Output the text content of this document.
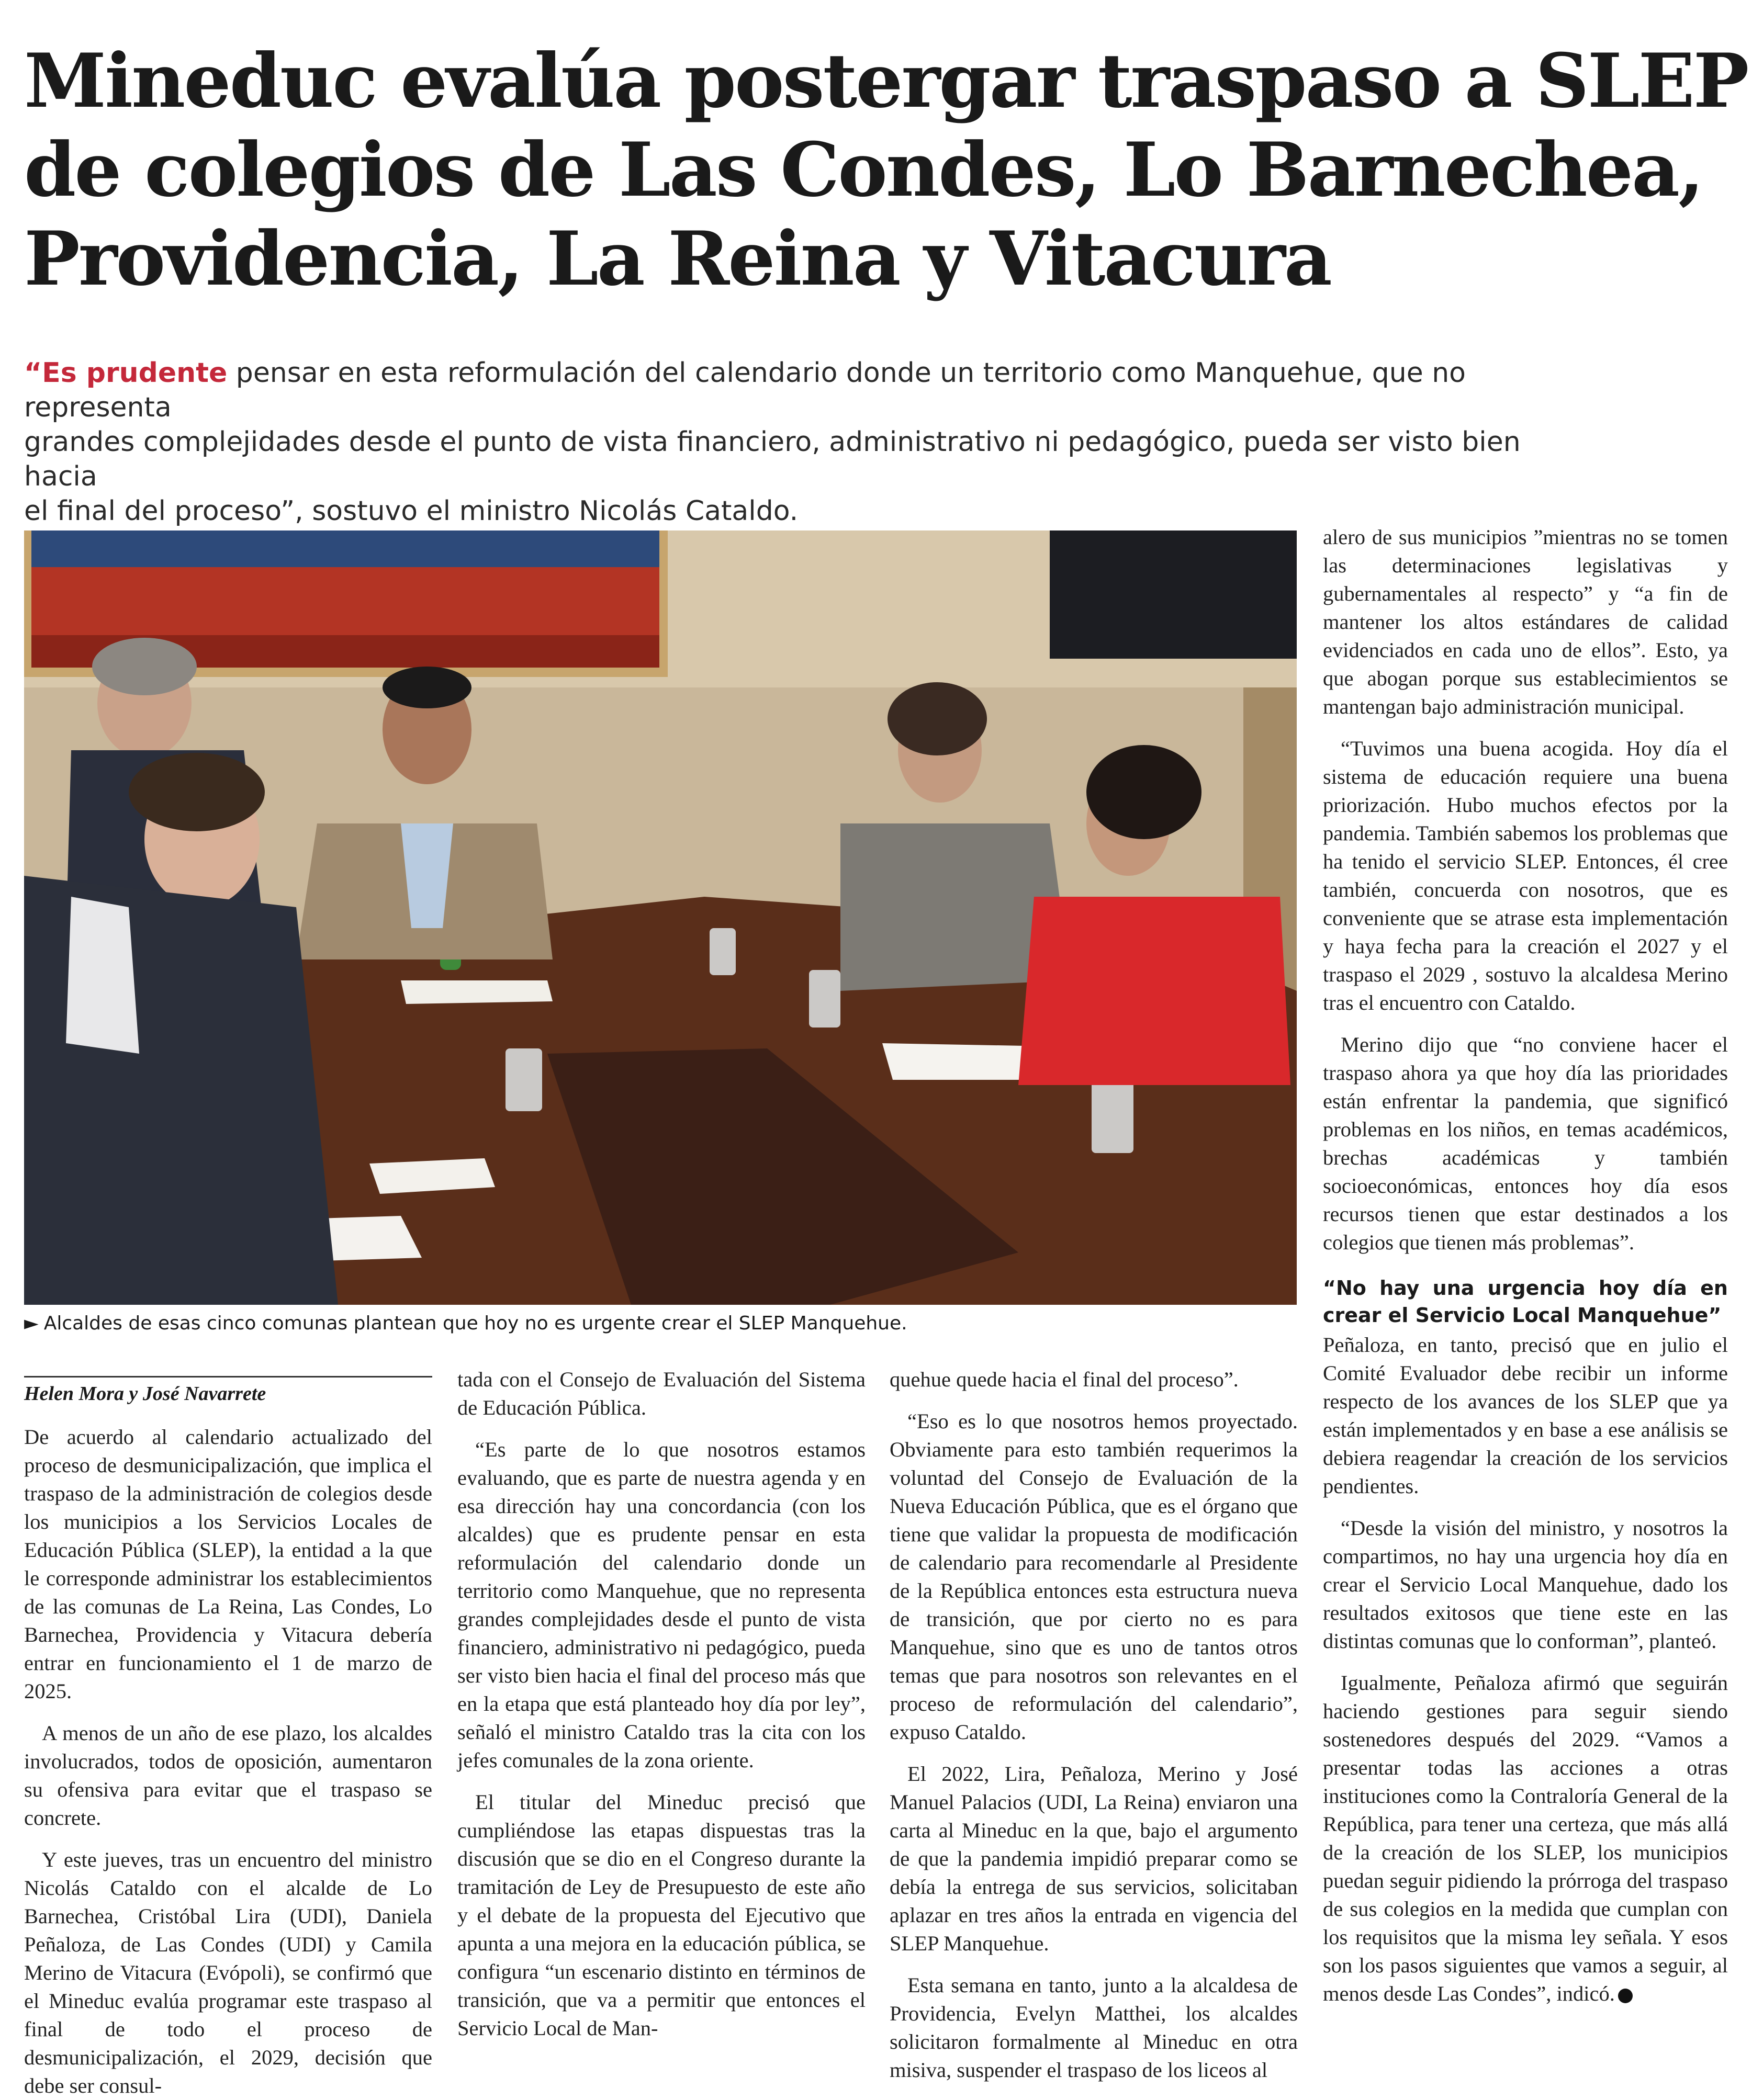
Mineduc evalúa postergar traspaso a SLEP
de colegios de Las Condes, Lo Barnechea,
Providencia, La Reina y Vitacura
“Es prudente pensar en esta reformulación del calendario donde un territorio como Manquehue, que no representa
grandes complejidades desde el punto de vista financiero, administrativo ni pedagógico, pueda ser visto bien hacia
el final del proceso”, sostuvo el ministro Nicolás Cataldo.
► Alcaldes de esas cinco comunas plantean que hoy no es urgente crear el SLEP Manquehue.
Helen Mora y José Navarrete

De acuerdo al calendario actualizado del proceso de desmunicipalización, que implica el traspaso de la administración de colegios desde los municipios a los Servicios Locales de Educación Pública (SLEP), la entidad a la que le corresponde administrar los establecimientos de las comunas de La Reina, Las Condes, Lo Barnechea, Providencia y Vitacura debería entrar en funcionamiento el 1 de marzo de 2025.

A menos de un año de ese plazo, los alcaldes involucrados, todos de oposición, aumentaron su ofensiva para evitar que el traspaso se concrete.

Y este jueves, tras un encuentro del ministro Nicolás Cataldo con el alcalde de Lo Barnechea, Cristóbal Lira (UDI), Daniela Peñaloza, de Las Condes (UDI) y Camila Merino de Vitacura (Evópoli), se confirmó que el Mineduc evalúa programar este traspaso al final de todo el proceso de desmunicipalización, el 2029, decisión que debe ser consul-

tada con el Consejo de Evaluación del Sistema de Educación Pública.

“Es parte de lo que nosotros estamos evaluando, que es parte de nuestra agenda y en esa dirección hay una concordancia (con los alcaldes) que es prudente pensar en esta reformulación del calendario donde un territorio como Manquehue, que no representa grandes complejidades desde el punto de vista financiero, administrativo ni pedagógico, pueda ser visto bien hacia el final del proceso más que en la etapa que está planteado hoy día por ley”, señaló el ministro Cataldo tras la cita con los jefes comunales de la zona oriente.

El titular del Mineduc precisó que cumpliéndose las etapas dispuestas tras la discusión que se dio en el Congreso durante la tramitación de Ley de Presupuesto de este año y el debate de la propuesta del Ejecutivo que apunta a una mejora en la educación pública, se configura “un escenario distinto en términos de transición, que va a permitir que entonces el Servicio Local de Man-

quehue quede hacia el final del proceso”.

“Eso es lo que nosotros hemos proyectado. Obviamente para esto también requerimos la voluntad del Consejo de Evaluación de la Nueva Educación Pública, que es el órgano que tiene que validar la propuesta de modificación de calendario para recomendarle al Presidente de la República entonces esta estructura nueva de transición, que por cierto no es para Manquehue, sino que es uno de tantos otros temas que para nosotros son relevantes en el proceso de reformulación del calendario”, expuso Cataldo.

El 2022, Lira, Peñaloza, Merino y José Manuel Palacios (UDI, La Reina) enviaron una carta al Mineduc en la que, bajo el argumento de que la pandemia impidió preparar como se debía la entrega de sus servicios, solicitaban aplazar en tres años la entrada en vigencia del SLEP Manquehue.

Esta semana en tanto, junto a la alcaldesa de Providencia, Evelyn Matthei, los alcaldes solicitaron formalmente al Mineduc en otra misiva, suspender el traspaso de los liceos al

alero de sus municipios ”mientras no se tomen las determinaciones legislativas y gubernamentales al respecto” y “a fin de mantener los altos estándares de calidad evidenciados en cada uno de ellos”. Esto, ya que abogan porque sus establecimientos se mantengan bajo administración municipal.

“Tuvimos una buena acogida. Hoy día el sistema de educación requiere una buena priorización. Hubo muchos efectos por la pandemia. También sabemos los problemas que ha tenido el servicio SLEP. Entonces, él cree también, concuerda con nosotros, que es conveniente que se atrase esta implementación y haya fecha para la creación el 2027 y el traspaso el 2029 , sostuvo la alcaldesa Merino tras el encuentro con Cataldo.

Merino dijo que “no conviene hacer el traspaso ahora ya que hoy día las prioridades están enfrentar la pandemia, que significó problemas en los niños, en temas académicos, brechas académicas y también socioeconómicas, entonces hoy día esos recursos tienen que estar destinados a los colegios que tienen más problemas”.

“No hay una urgencia hoy día en crear el Servicio Local Manquehue”

Peñaloza, en tanto, precisó que en julio el Comité Evaluador debe recibir un informe respecto de los avances de los SLEP que ya están implementados y en base a ese análisis se debiera reagendar la creación de los servicios pendientes.

“Desde la visión del ministro, y nosotros la compartimos, no hay una urgencia hoy día en crear el Servicio Local Manquehue, dado los resultados exitosos que tiene este en las distintas comunas que lo conforman”, planteó.

Igualmente, Peñaloza afirmó que seguirán haciendo gestiones para seguir siendo sostenedores después del 2029. “Vamos a presentar todas las acciones a otras instituciones como la Contraloría General de la República, para tener una certeza, que más allá de la creación de los SLEP, los municipios puedan seguir pidiendo la prórroga del traspaso de sus colegios en la medida que cumplan con los requisitos que la misma ley señala. Y esos son los pasos siguientes que vamos a seguir, al menos desde Las Condes”, indicó.
